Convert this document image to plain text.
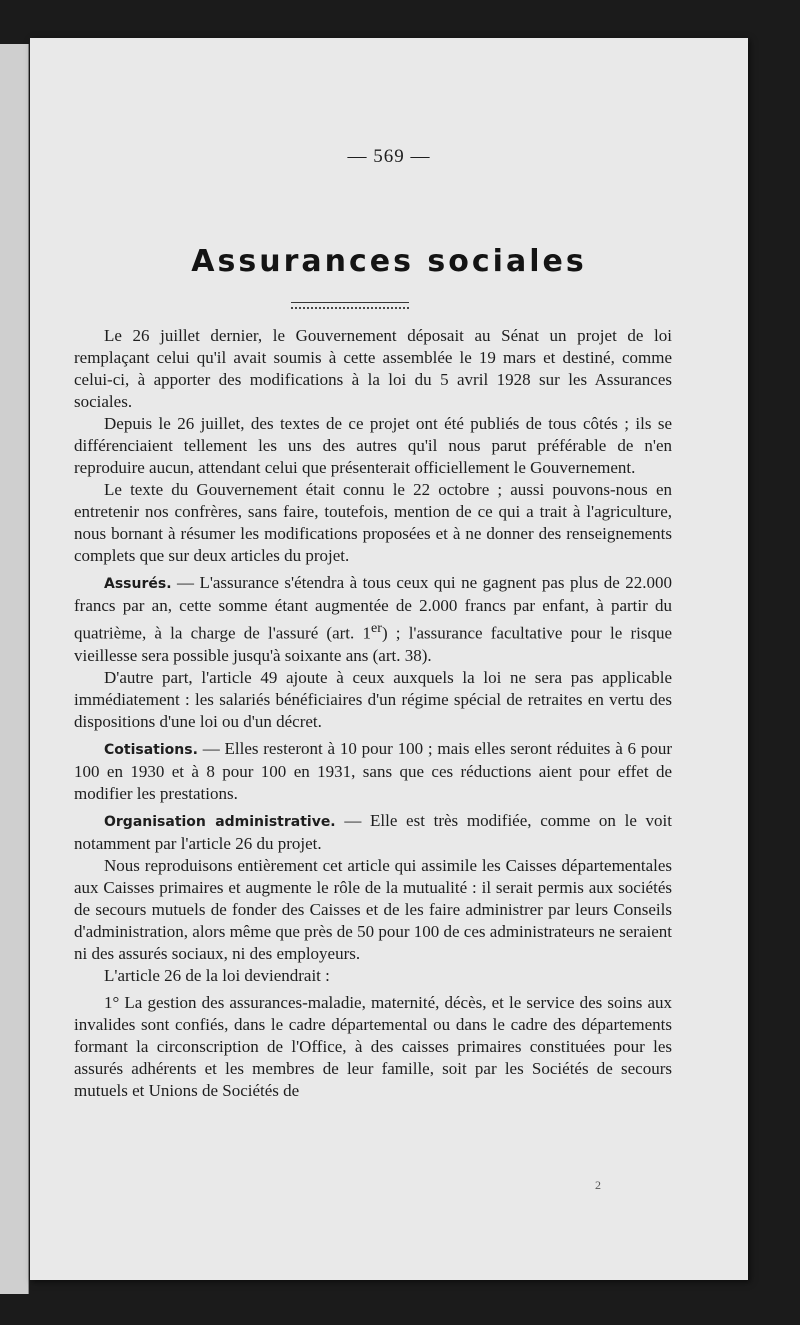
— 569 —
Assurances sociales

Le 26 juillet dernier, le Gouvernement déposait au Sénat un projet de loi remplaçant celui qu'il avait soumis à cette assemblée le 19 mars et destiné, comme celui-ci, à apporter des modifications à la loi du 5 avril 1928 sur les Assurances sociales.

Depuis le 26 juillet, des textes de ce projet ont été publiés de tous côtés ; ils se différenciaient tellement les uns des autres qu'il nous parut préférable de n'en reproduire aucun, attendant celui que présenterait officiellement le Gouvernement.

Le texte du Gouvernement était connu le 22 octobre ; aussi pouvons-nous en entretenir nos confrères, sans faire, toutefois, mention de ce qui a trait à l'agriculture, nous bornant à résumer les modifications proposées et à ne donner des renseignements complets que sur deux articles du projet.

Assurés. — L'assurance s'étendra à tous ceux qui ne gagnent pas plus de 22.000 francs par an, cette somme étant augmentée de 2.000 francs par enfant, à partir du quatrième, à la charge de l'assuré (art. 1er) ; l'assurance facultative pour le risque vieillesse sera possible jusqu'à soixante ans (art. 38).

D'autre part, l'article 49 ajoute à ceux auxquels la loi ne sera pas applicable immédiatement : les salariés bénéficiaires d'un régime spécial de retraites en vertu des dispositions d'une loi ou d'un décret.

Cotisations. — Elles resteront à 10 pour 100 ; mais elles seront réduites à 6 pour 100 en 1930 et à 8 pour 100 en 1931, sans que ces réductions aient pour effet de modifier les prestations.

Organisation administrative. — Elle est très modifiée, comme on le voit notamment par l'article 26 du projet.

Nous reproduisons entièrement cet article qui assimile les Caisses départementales aux Caisses primaires et augmente le rôle de la mutualité : il serait permis aux sociétés de secours mutuels de fonder des Caisses et de les faire administrer par leurs Conseils d'administration, alors même que près de 50 pour 100 de ces administrateurs ne seraient ni des assurés sociaux, ni des employeurs.

L'article 26 de la loi deviendrait :

1° La gestion des assurances-maladie, maternité, décès, et le service des soins aux invalides sont confiés, dans le cadre départemental ou dans le cadre des départements formant la circonscription de l'Office, à des caisses primaires constituées pour les assurés adhérents et les membres de leur famille, soit par les Sociétés de secours mutuels et Unions de Sociétés de

2
